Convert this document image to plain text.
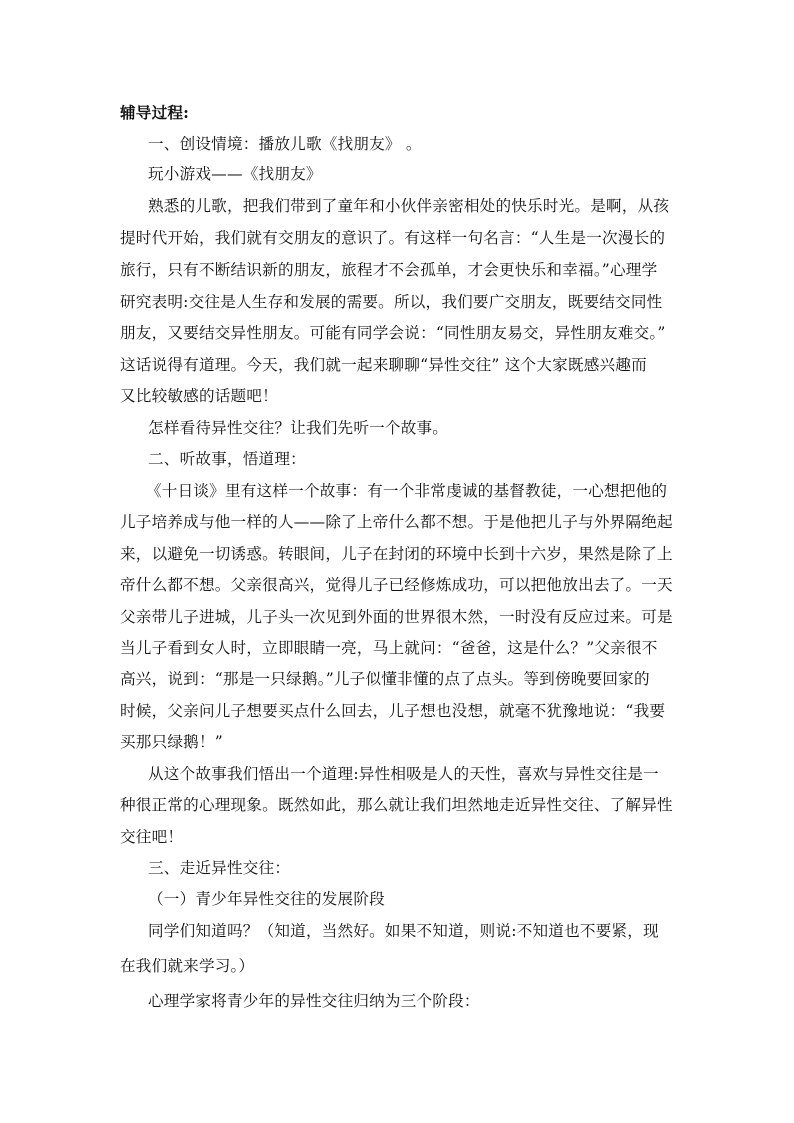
辅导过程:
一、创设情境：播放儿歌《找朋友》 。
玩小游戏——《找朋友》
熟悉的儿歌，把我们带到了童年和小伙伴亲密相处的快乐时光。是啊，从孩
提时代开始，我们就有交朋友的意识了。有这样一句名言：“人生是一次漫长的
旅行，只有不断结识新的朋友，旅程才不会孤单，才会更快乐和幸福。”心理学
研究表明:交往是人生存和发展的需要。所以，我们要广交朋友，既要结交同性
朋友，又要结交异性朋友。可能有同学会说：“同性朋友易交，异性朋友难交。”
这话说得有道理。今天，我们就一起来聊聊“异性交往” 这个大家既感兴趣而
又比较敏感的话题吧！
怎样看待异性交往？让我们先听一个故事。
二、听故事，悟道理：
《十日谈》里有这样一个故事：有一个非常虔诚的基督教徒，一心想把他的
儿子培养成与他一样的人——除了上帝什么都不想。于是他把儿子与外界隔绝起
来，以避免一切诱惑。转眼间，儿子在封闭的环境中长到十六岁，果然是除了上
帝什么都不想。父亲很高兴，觉得儿子已经修炼成功，可以把他放出去了。一天
父亲带儿子进城，儿子头一次见到外面的世界很木然，一时没有反应过来。可是
当儿子看到女人时，立即眼睛一亮，马上就问：“爸爸，这是什么？”父亲很不
高兴，说到：“那是一只绿鹅。”儿子似懂非懂的点了点头。等到傍晚要回家的
时候，父亲问儿子想要买点什么回去，儿子想也没想，就毫不犹豫地说：“我要
买那只绿鹅！”
从这个故事我们悟出一个道理:异性相吸是人的天性，喜欢与异性交往是一
种很正常的心理现象。既然如此，那么就让我们坦然地走近异性交往、了解异性
交往吧！
三、走近异性交往：
（一）青少年异性交往的发展阶段
同学们知道吗？（知道，当然好。如果不知道，则说:不知道也不要紧，现
在我们就来学习。）
心理学家将青少年的异性交往归纳为三个阶段：
